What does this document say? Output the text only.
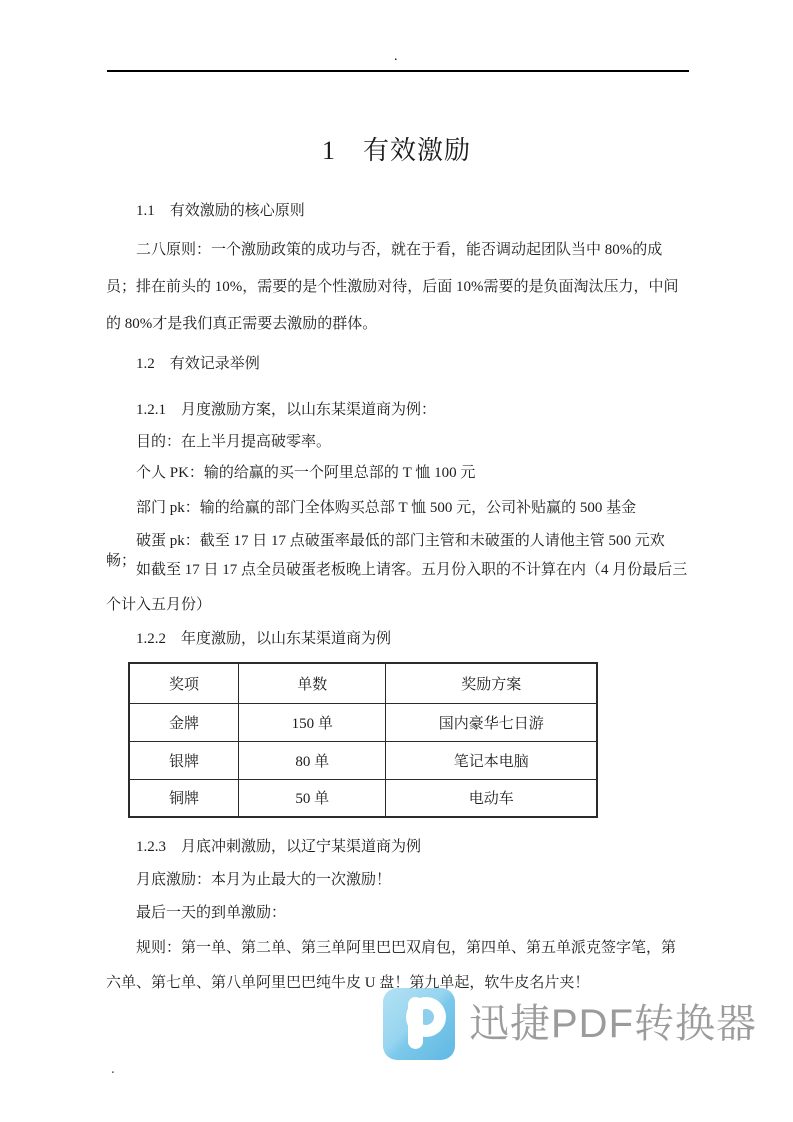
.
1　有效激励
1.1　有效激励的核心原则
二八原则：一个激励政策的成功与否，就在于看，能否调动起团队当中 80%的成员；排在前头的 10%，需要的是个性激励对待，后面 10%需要的是负面淘汰压力，中间的 80%才是我们真正需要去激励的群体。
1.2　有效记录举例
1.2.1　月度激励方案，以山东某渠道商为例：
目的：在上半月提高破零率。
个人 PK：输的给赢的买一个阿里总部的 T 恤 100 元
部门 pk：输的给赢的部门全体购买总部 T 恤 500 元，公司补贴赢的 500 基金
破蛋 pk：截至 17 日 17 点破蛋率最低的部门主管和未破蛋的人请他主管 500 元欢畅；
如截至 17 日 17 点全员破蛋老板晚上请客。五月份入职的不计算在内（4 月份最后三个计入五月份）
1.2.2　年度激励，以山东某渠道商为例
奖项	单数	奖励方案
金牌	150 单	国内豪华七日游
银牌	80 单	笔记本电脑
铜牌	50 单	电动车
1.2.3　月底冲刺激励，以辽宁某渠道商为例
月底激励：本月为止最大的一次激励！
最后一天的到单激励：
规则：第一单、第二单、第三单阿里巴巴双肩包，第四单、第五单派克签字笔，第六单、第七单、第八单阿里巴巴纯牛皮 U 盘！第九单起，软牛皮名片夹！
迅捷PDF转换器
.
